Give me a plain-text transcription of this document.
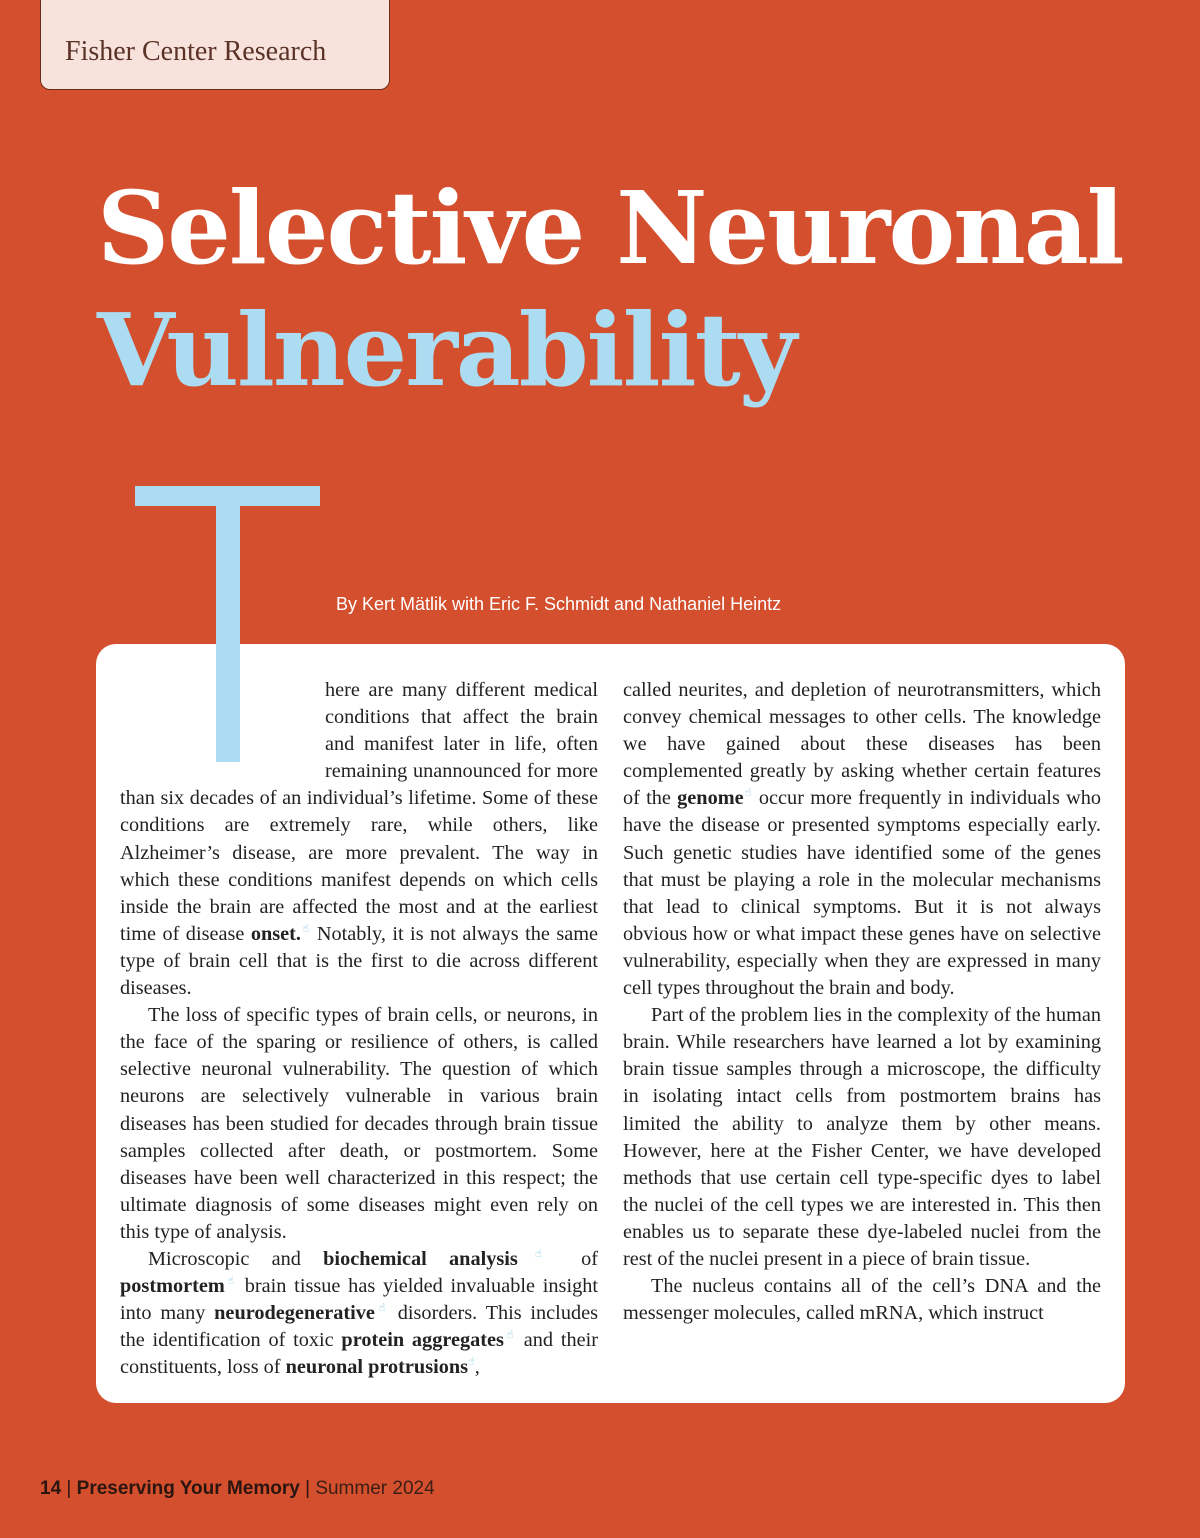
Fisher Center Research
Selective Neuronal
Vulnerability
By Kert Mätlik with Eric F. Schmidt and Nathaniel Heintz

here are many different medical conditions that affect the brain and manifest later in life, often remaining unannounced for more than six decades of an individual’s lifetime. Some of these conditions are extremely rare, while others, like Alzheimer’s disease, are more prevalent. The way in which these conditions manifest depends on which cells inside the brain are affected the most and at the earliest time of disease onset.☝ Notably, it is not always the same type of brain cell that is the first to die across different diseases.

The loss of specific types of brain cells, or neurons, in the face of the sparing or resilience of others, is called selective neuronal vulnerability. The question of which neurons are selectively vulnerable in various brain diseases has been studied for decades through brain tissue samples collected after death, or postmortem. Some diseases have been well characterized in this respect; the ultimate diagnosis of some diseases might even rely on this type of analysis.

Microscopic and biochemical analysis☝ of postmortem☝ brain tissue has yielded invaluable insight into many neurodegenerative☝ disorders. This includes the identification of toxic protein aggregates☝ and their constituents, loss of neuronal protrusions☝,

called neurites, and depletion of neurotransmitters, which convey chemical messages to other cells. The knowledge we have gained about these diseases has been complemented greatly by asking whether certain features of the genome☝ occur more frequently in individuals who have the disease or presented symptoms especially early. Such genetic studies have identified some of the genes that must be playing a role in the molecular mechanisms that lead to clinical symptoms. But it is not always obvious how or what impact these genes have on selective vulnerability, especially when they are expressed in many cell types throughout the brain and body.

Part of the problem lies in the complexity of the human brain. While researchers have learned a lot by examining brain tissue samples through a microscope, the difficulty in isolating intact cells from postmortem brains has limited the ability to analyze them by other means. However, here at the Fisher Center, we have developed methods that use certain cell type-specific dyes to label the nuclei of the cell types we are interested in. This then enables us to separate these dye-labeled nuclei from the rest of the nuclei present in a piece of brain tissue.

The nucleus contains all of the cell’s DNA and the messenger molecules, called mRNA, which instruct

14 | Preserving Your Memory | Summer 2024
